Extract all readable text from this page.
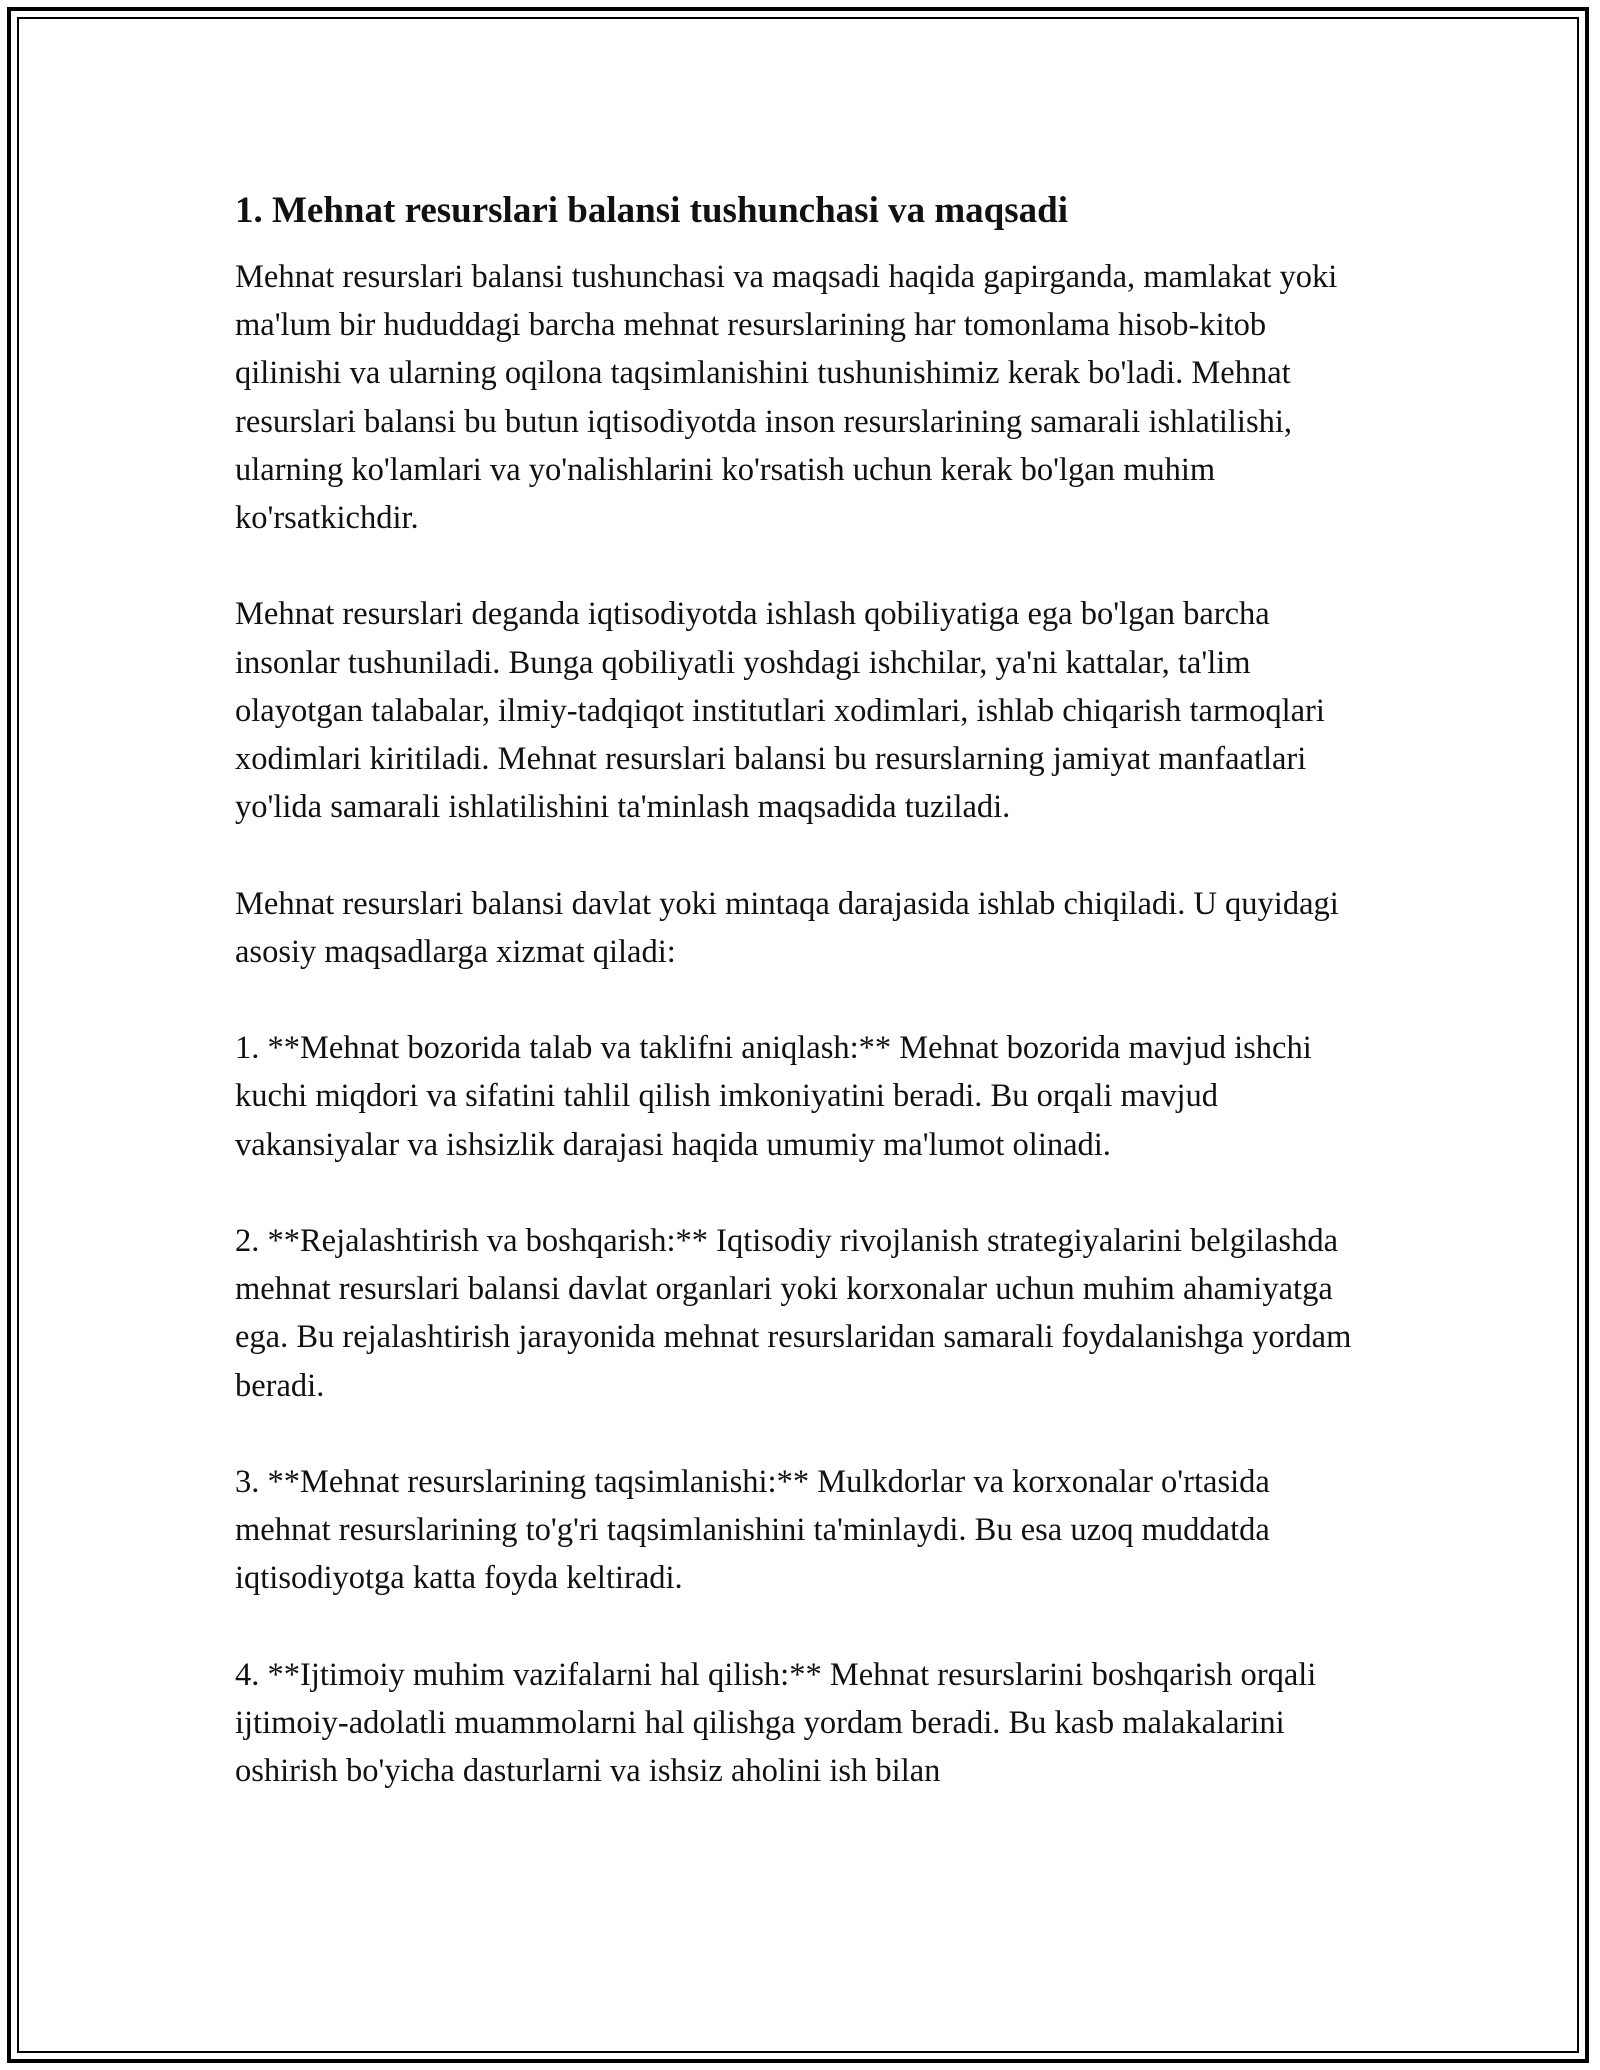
1. Mehnat resurslari balansi tushunchasi va maqsadi

Mehnat resurslari balansi tushunchasi va maqsadi haqida gapirganda, mamlakat yoki ma'lum bir hududdagi barcha mehnat resurslarining har tomonlama hisob-kitob qilinishi va ularning oqilona taqsimlanishini tushunishimiz kerak bo'ladi. Mehnat resurslari balansi bu butun iqtisodiyotda inson resurslarining samarali ishlatilishi, ularning ko'lamlari va yo'nalishlarini ko'rsatish uchun kerak bo'lgan muhim ko'rsatkichdir.

Mehnat resurslari deganda iqtisodiyotda ishlash qobiliyatiga ega bo'lgan barcha insonlar tushuniladi. Bunga qobiliyatli yoshdagi ishchilar, ya'ni kattalar, ta'lim olayotgan talabalar, ilmiy-tadqiqot institutlari xodimlari, ishlab chiqarish tarmoqlari xodimlari kiritiladi. Mehnat resurslari balansi bu resurslarning jamiyat manfaatlari yo'lida samarali ishlatilishini ta'minlash maqsadida tuziladi.

Mehnat resurslari balansi davlat yoki mintaqa darajasida ishlab chiqiladi. U quyidagi asosiy maqsadlarga xizmat qiladi:

1. **Mehnat bozorida talab va taklifni aniqlash:** Mehnat bozorida mavjud ishchi kuchi miqdori va sifatini tahlil qilish imkoniyatini beradi. Bu orqali mavjud vakansiyalar va ishsizlik darajasi haqida umumiy ma'lumot olinadi.

2. **Rejalashtirish va boshqarish:** Iqtisodiy rivojlanish strategiyalarini belgilashda mehnat resurslari balansi davlat organlari yoki korxonalar uchun muhim ahamiyatga ega. Bu rejalashtirish jarayonida mehnat resurslaridan samarali foydalanishga yordam beradi.

3. **Mehnat resurslarining taqsimlanishi:** Mulkdorlar va korxonalar o'rtasida mehnat resurslarining to'g'ri taqsimlanishini ta'minlaydi. Bu esa uzoq muddatda iqtisodiyotga katta foyda keltiradi.

4. **Ijtimoiy muhim vazifalarni hal qilish:** Mehnat resurslarini boshqarish orqali ijtimoiy-adolatli muammolarni hal qilishga yordam beradi. Bu kasb malakalarini oshirish bo'yicha dasturlarni va ishsiz aholini ish bilan
